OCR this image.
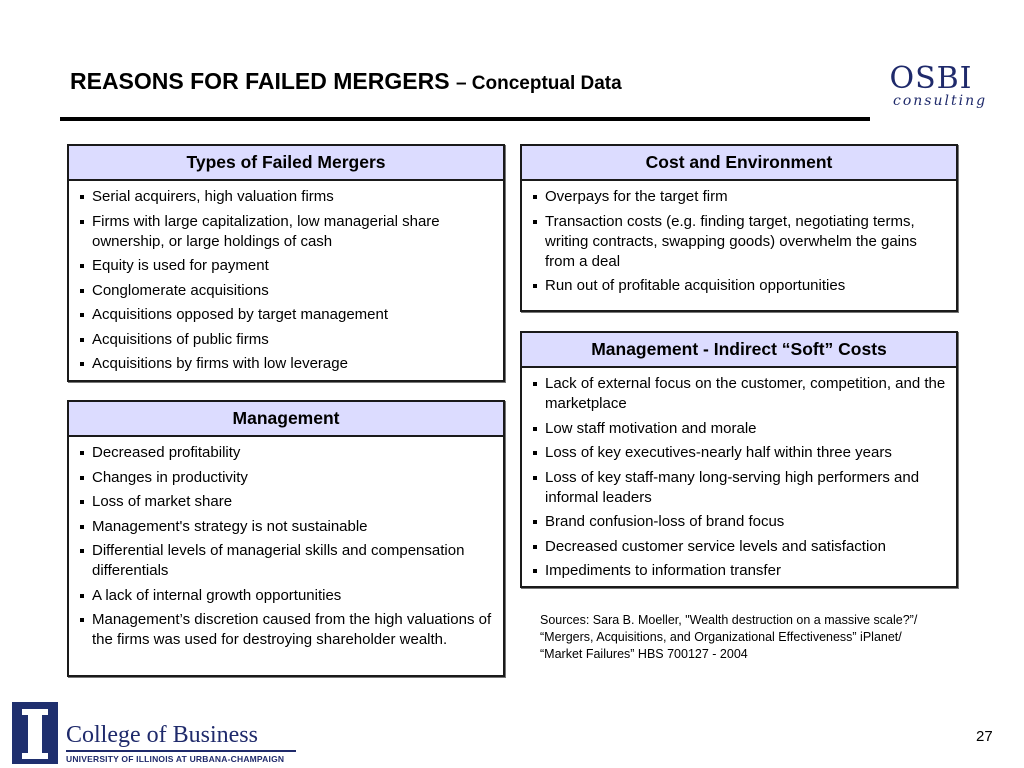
REASONS FOR FAILED MERGERS – Conceptual Data	OSBI
consulting
Types of Failed Mergers
Serial acquirers, high valuation firms
Firms with large capitalization, low managerial share ownership, or large holdings of cash
Equity is used for payment
Conglomerate acquisitions
Acquisitions opposed by target management
Acquisitions of public firms
Acquisitions by firms with low leverage
Management
Decreased profitability
Changes in productivity
Loss of market share
Management's strategy is not sustainable
Differential levels of managerial skills and compensation differentials
A lack of internal growth opportunities
Management’s discretion caused from the high valuations of the firms was used for destroying shareholder wealth.
Cost and Environment
Overpays for the target firm
Transaction costs (e.g. finding target, negotiating terms, writing contracts, swapping goods) overwhelm the gains from a deal
Run out of profitable acquisition opportunities
Management - Indirect “Soft” Costs
Lack of external focus on the customer, competition, and the marketplace
Low staff motivation and morale
Loss of key executives-nearly half within three years
Loss of key staff-many long-serving high performers and informal leaders
Brand confusion-loss of brand focus
Decreased customer service levels and satisfaction
Impediments to information transfer
Sources: Sara B. Moeller, "Wealth destruction on a massive scale?”/
“Mergers, Acquisitions, and Organizational Effectiveness” iPlanet/
“Market Failures” HBS 700127 - 2004
College of Business
UNIVERSITY OF ILLINOIS AT URBANA-CHAMPAIGN
27
